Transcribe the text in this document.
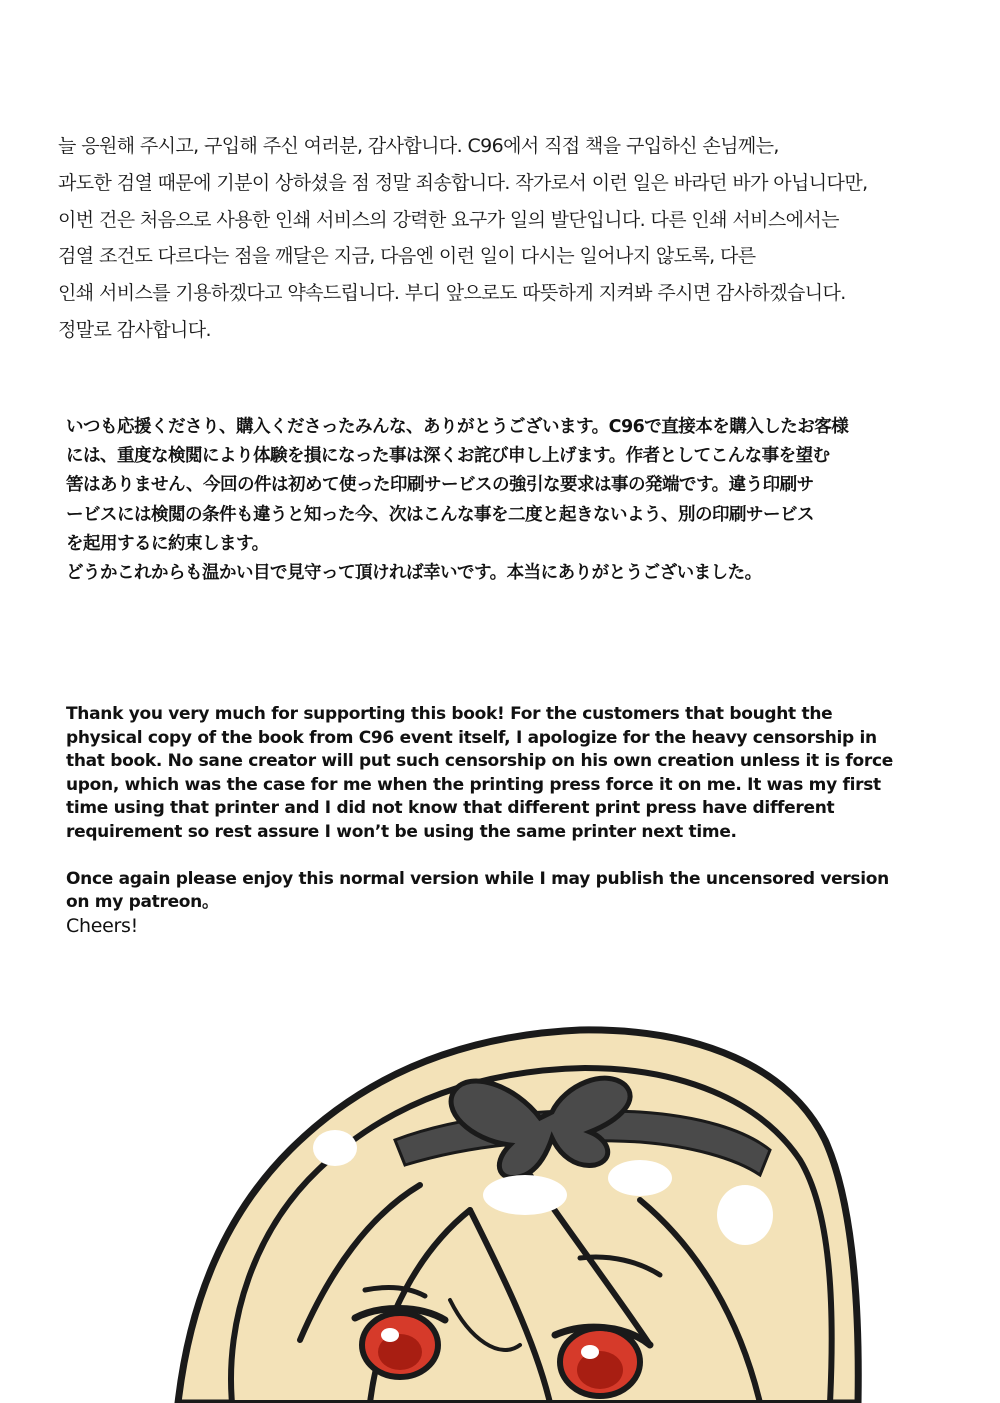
늘 응원해 주시고, 구입해 주신 여러분, 감사합니다. C96에서 직접 책을 구입하신 손님께는,
과도한 검열 때문에 기분이 상하셨을 점 정말 죄송합니다. 작가로서 이런 일은 바라던 바가 아닙니다만,
이번 건은 처음으로 사용한 인쇄 서비스의 강력한 요구가 일의 발단입니다. 다른 인쇄 서비스에서는
검열 조건도 다르다는 점을 깨달은 지금, 다음엔 이런 일이 다시는 일어나지 않도록, 다른
인쇄 서비스를 기용하겠다고 약속드립니다. 부디 앞으로도 따뜻하게 지켜봐 주시면 감사하겠습니다.
정말로 감사합니다.
いつも応援くださり、購入くださったみんな、ありがとうございます。C96で直接本を購入したお客様
には、重度な検閲により体験を損になった事は深くお詫び申し上げます。作者としてこんな事を望む
筈はありません、今回の件は初めて使った印刷サービスの強引な要求は事の発端です。違う印刷サ
ービスには検閲の条件も違うと知った今、次はこんな事を二度と起きないよう、別の印刷サービス
を起用するに約束します。
どうかこれからも温かい目で見守って頂ければ幸いです。本当にありがとうございました。
Thank you very much for supporting this book! For the customers that bought the
physical copy of the book from C96 event itself, I apologize for the heavy censorship in
that book. No sane creator will put such censorship on his own creation unless it is force
upon, which was the case for me when the printing press force it on me. It was my first
time using that printer and I did not know that different print press have different
requirement so rest assure I won’t be using the same printer next time.
Once again please enjoy this normal version while I may publish the uncensored version
on my patreon。
Cheers!
